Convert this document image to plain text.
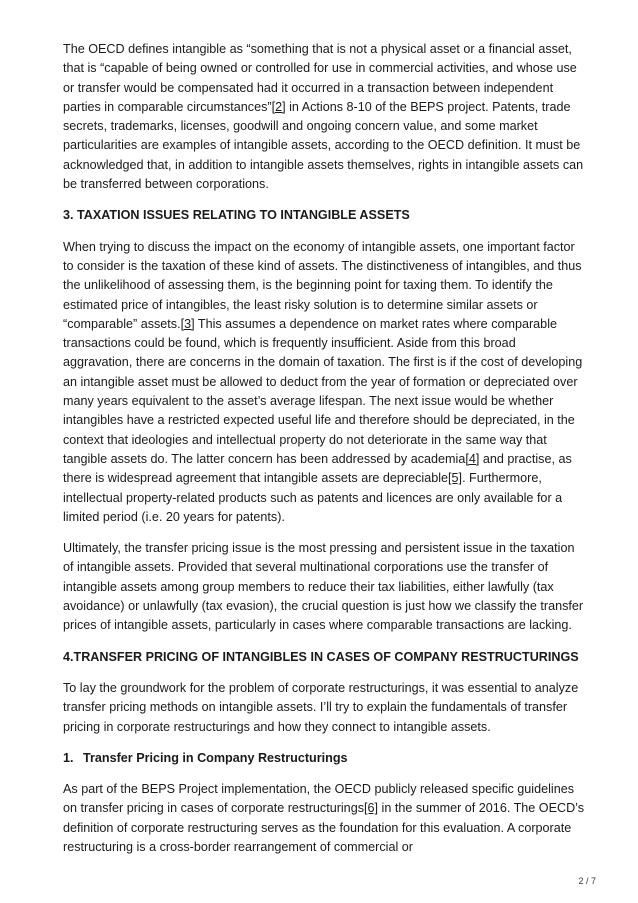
The OECD defines intangible as “something that is not a physical asset or a financial asset, that is “capable of being owned or controlled for use in commercial activities, and whose use or transfer would be compensated had it occurred in a transaction between independent parties in comparable circumstances”[2] in Actions 8-10 of the BEPS project. Patents, trade secrets, trademarks, licenses, goodwill and ongoing concern value, and some market particularities are examples of intangible assets, according to the OECD definition. It must be acknowledged that, in addition to intangible assets themselves, rights in intangible assets can be transferred between corporations.

3. TAXATION ISSUES RELATING TO INTANGIBLE ASSETS

When trying to discuss the impact on the economy of intangible assets, one important factor to consider is the taxation of these kind of assets. The distinctiveness of intangibles, and thus the unlikelihood of assessing them, is the beginning point for taxing them. To identify the estimated price of intangibles, the least risky solution is to determine similar assets or “comparable” assets.[3] This assumes a dependence on market rates where comparable transactions could be found, which is frequently insufficient. Aside from this broad aggravation, there are concerns in the domain of taxation. The first is if the cost of developing an intangible asset must be allowed to deduct from the year of formation or depreciated over many years equivalent to the asset’s average lifespan. The next issue would be whether intangibles have a restricted expected useful life and therefore should be depreciated, in the context that ideologies and intellectual property do not deteriorate in the same way that tangible assets do. The latter concern has been addressed by academia[4] and practise, as there is widespread agreement that intangible assets are depreciable[5]. Furthermore, intellectual property-related products such as patents and licences are only available for a limited period (i.e. 20 years for patents).

Ultimately, the transfer pricing issue is the most pressing and persistent issue in the taxation of intangible assets. Provided that several multinational corporations use the transfer of intangible assets among group members to reduce their tax liabilities, either lawfully (tax avoidance) or unlawfully (tax evasion), the crucial question is just how we classify the transfer prices of intangible assets, particularly in cases where comparable transactions are lacking.

4.TRANSFER PRICING OF INTANGIBLES IN CASES OF COMPANY RESTRUCTURINGS

To lay the groundwork for the problem of corporate restructurings, it was essential to analyze transfer pricing methods on intangible assets. I’ll try to explain the fundamentals of transfer pricing in corporate restructurings and how they connect to intangible assets.

1. Transfer Pricing in Company Restructurings

As part of the BEPS Project implementation, the OECD publicly released specific guidelines on transfer pricing in cases of corporate restructurings[6] in the summer of 2016. The OECD’s definition of corporate restructuring serves as the foundation for this evaluation. A corporate restructuring is a cross-border rearrangement of commercial or

2 / 7
